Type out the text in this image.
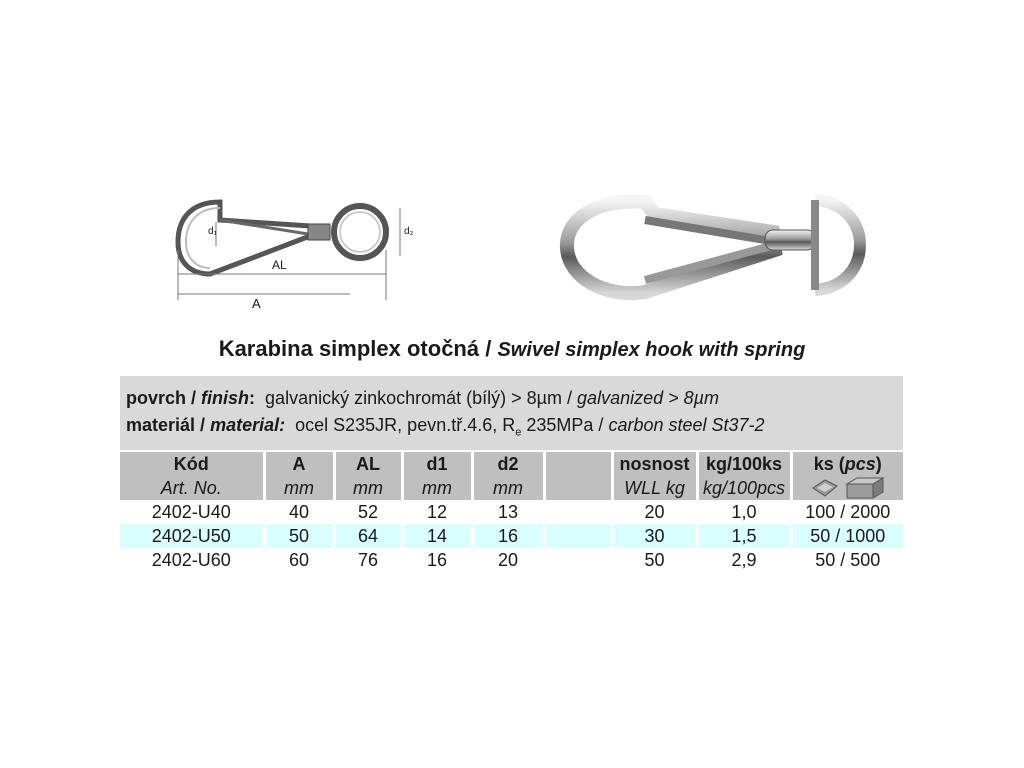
d₁	d₂
AL
A
Karabina simplex otočná / Swivel simplex hook with spring
povrch / finish: galvanický zinkochromát (bílý) > 8µm / galvanized > 8µm
materiál / material: ocel S235JR, pevn.tř.4.6, $R_e$ 235MPa / carbon steel St37-2
Kód	A	AL	d1	d2		nosnost	kg/100ks	ks (pcs)
Art. No.	mm	mm	mm	mm		WLL kg	kg/100pcs	

2402-U40	40	52	12	13		20	1,0	100 / 2000
2402-U50	50	64	14	16		30	1,5	50 / 1000
2402-U60	60	76	16	20		50	2,9	50 / 500
